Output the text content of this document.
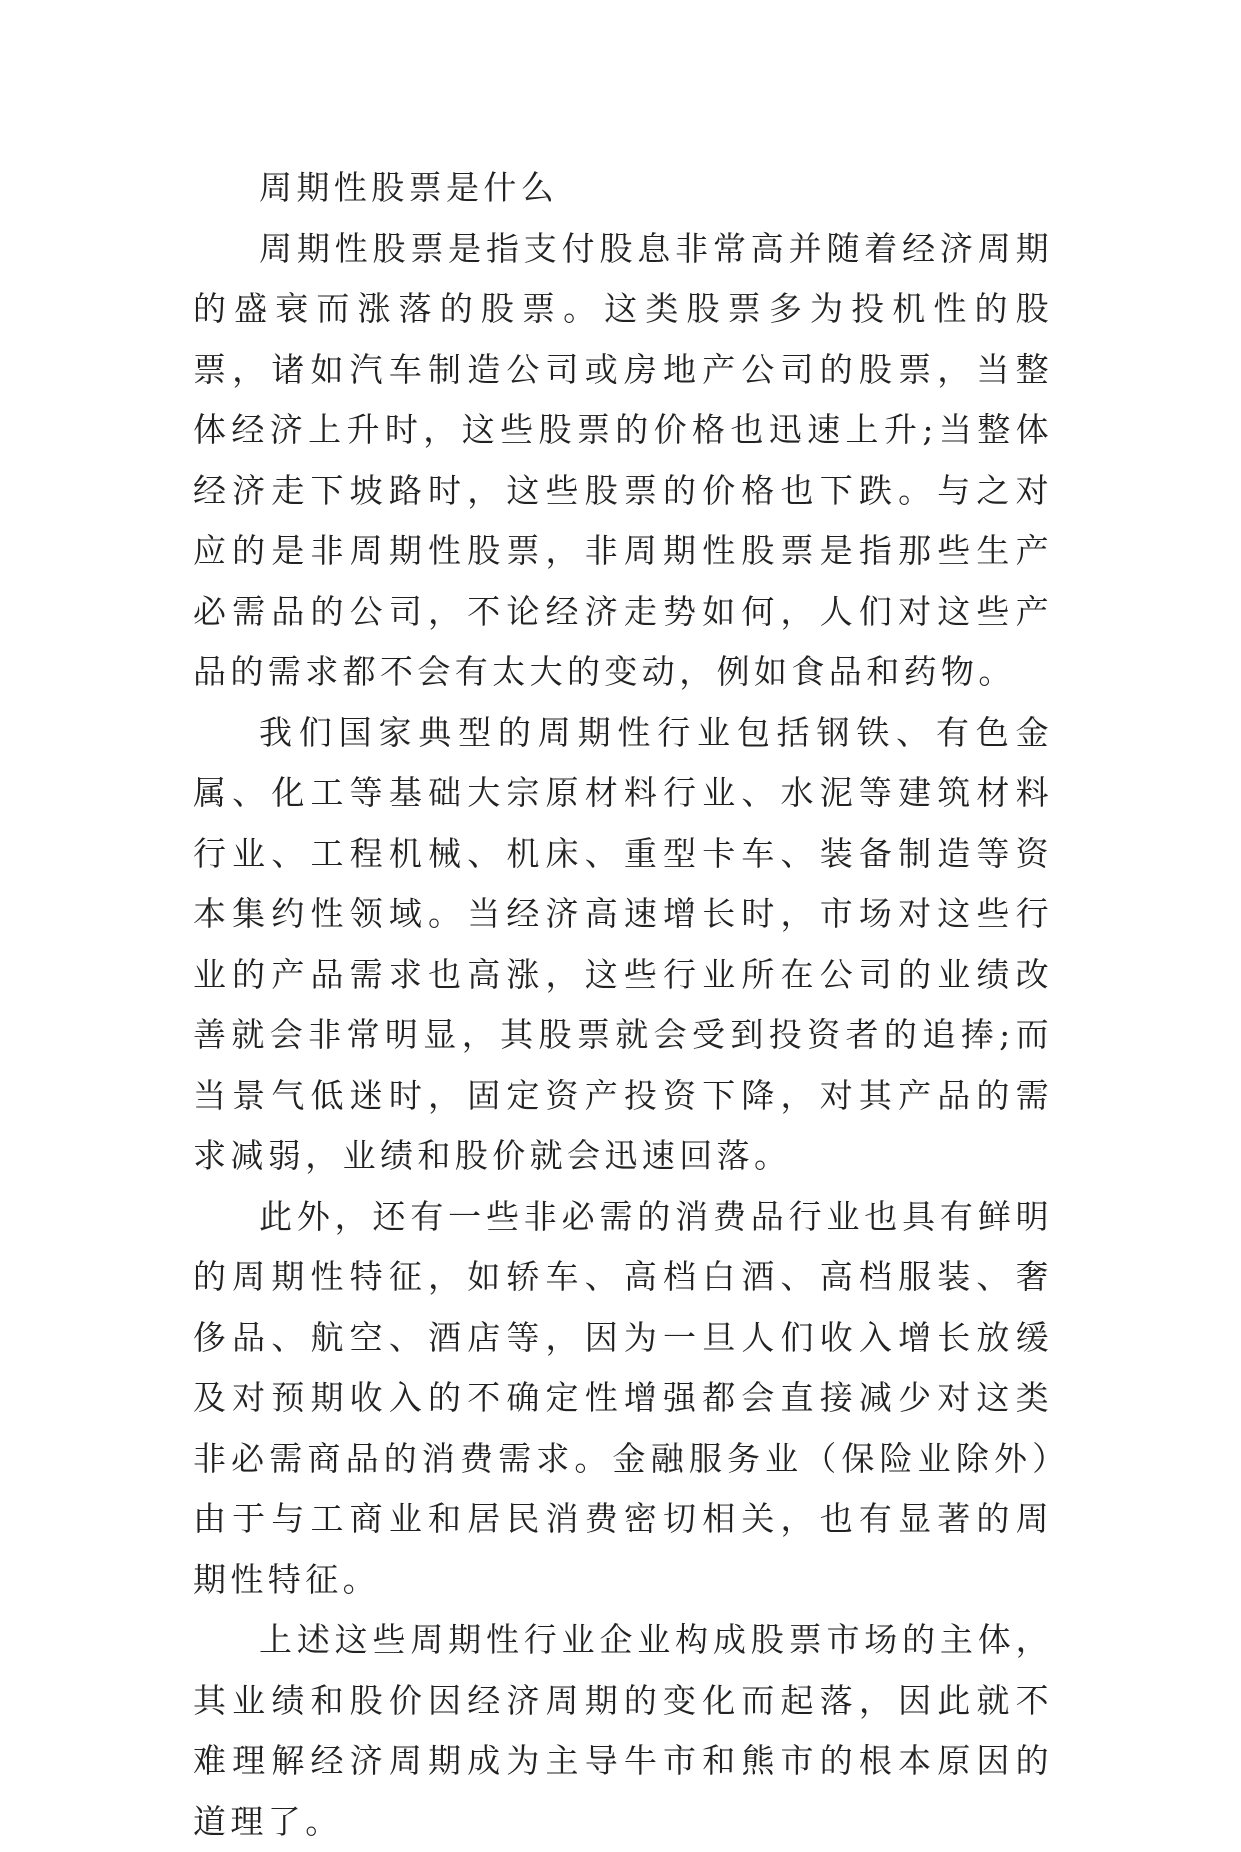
周期性股票是什么

周期性股票是指支付股息非常高并随着经济周期的盛衰而涨落的股票。这类股票多为投机性的股票，诸如汽车制造公司或房地产公司的股票，当整体经济上升时，这些股票的价格也迅速上升;当整体经济走下坡路时，这些股票的价格也下跌。与之对应的是非周期性股票，非周期性股票是指那些生产必需品的公司，不论经济走势如何，人们对这些产品的需求都不会有太大的变动，例如食品和药物。

我们国家典型的周期性行业包括钢铁、有色金属、化工等基础大宗原材料行业、水泥等建筑材料行业、工程机械、机床、重型卡车、装备制造等资本集约性领域。当经济高速增长时，市场对这些行业的产品需求也高涨，这些行业所在公司的业绩改善就会非常明显，其股票就会受到投资者的追捧;而当景气低迷时，固定资产投资下降，对其产品的需求减弱，业绩和股价就会迅速回落。

此外，还有一些非必需的消费品行业也具有鲜明的周期性特征，如轿车、高档白酒、高档服装、奢侈品、航空、酒店等，因为一旦人们收入增长放缓及对预期收入的不确定性增强都会直接减少对这类非必需商品的消费需求。金融服务业（保险业除外）由于与工商业和居民消费密切相关，也有显著的周期性特征。

上述这些周期性行业企业构成股票市场的主体，其业绩和股价因经济周期的变化而起落，因此就不难理解经济周期成为主导牛市和熊市的根本原因的道理了。
